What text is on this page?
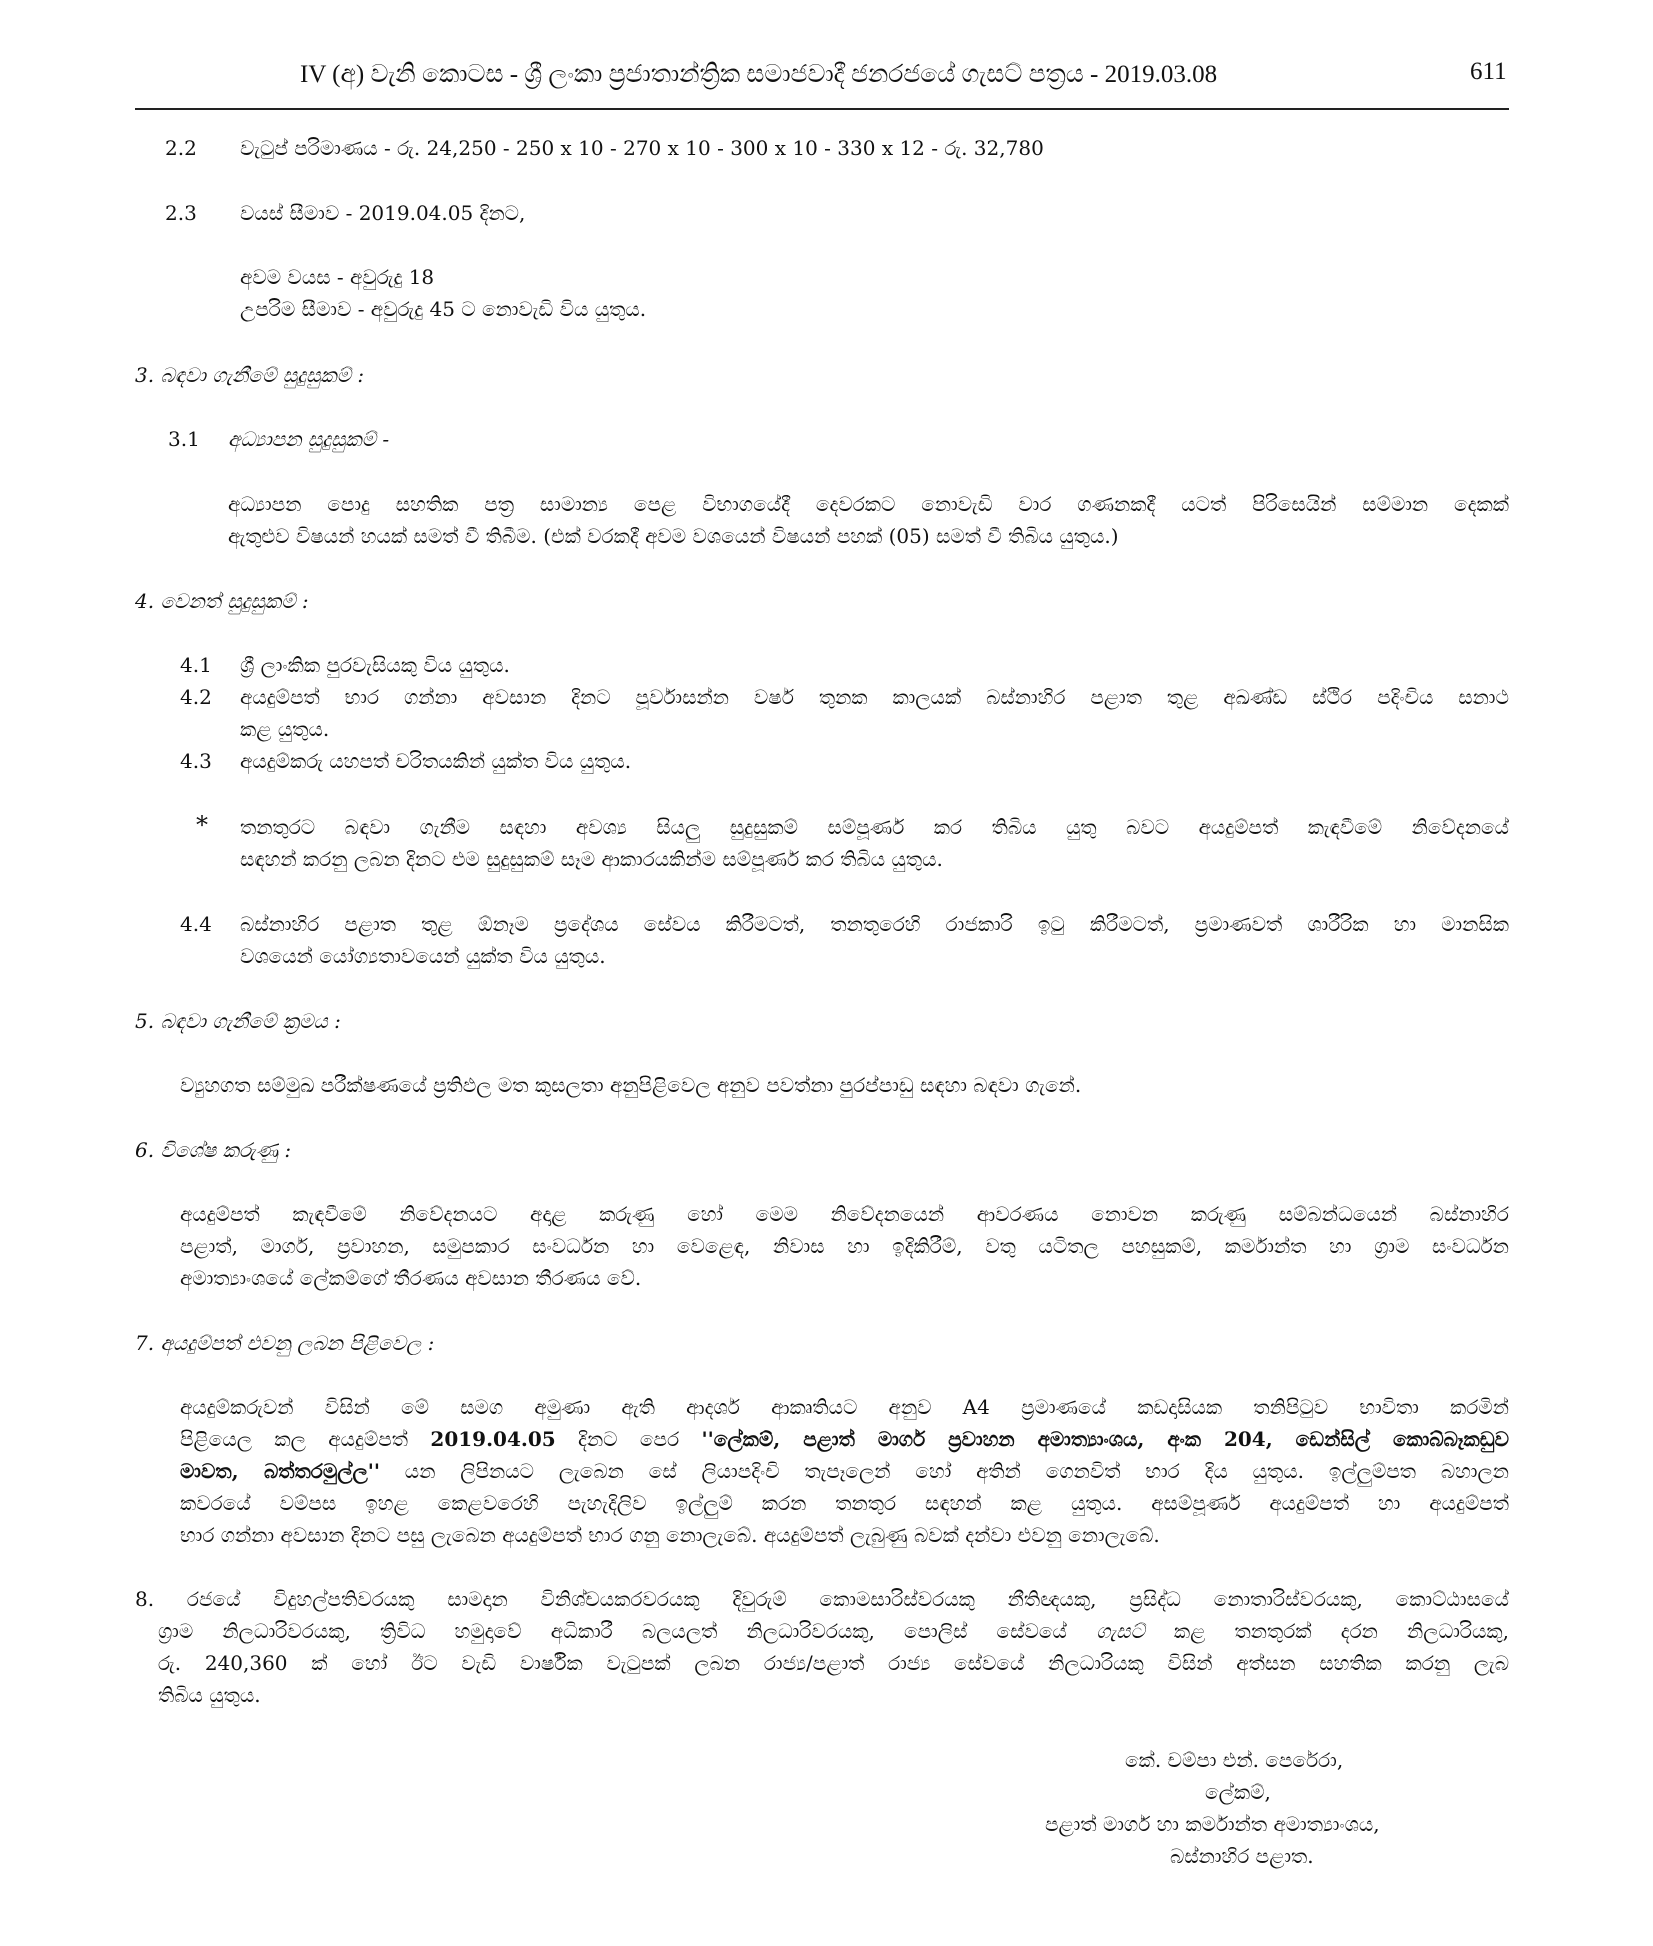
IV (අ) වැනි කොටස - ශ්‍රී ලංකා ප්‍රජාතාන්ත්‍රික සමාජවාදී ජනරජයේ ගැසට් පත්‍රය - 2019.03.08	611
2.2 වැටුප් පරිමාණය - රු. 24,250 - 250 x 10 - 270 x 10 - 300 x 10 - 330 x 12 - රු. 32,780
2.3 වයස් සීමාව - 2019.04.05 දිනට,
අවම වයස - අවුරුදු 18
උපරිම සීමාව - අවුරුදු 45 ට නොවැඩි විය යුතුය.
3. බඳවා ගැනීමේ සුදුසුකම් :
3.1 අධ්‍යාපන සුදුසුකම් -
අධ්‍යාපන පොදු සහතික පත්‍ර සාමාන්‍ය පෙළ විභාගයේදී දෙවරකට නොවැඩි වාර ගණනකදී යටත් පිරිසෙයින් සම්මාන දෙකක්
ඇතුළුව විෂයන් හයක් සමත් වී තිබීම. (එක් වරකදී අවම වශයෙන් විෂයන් පහක් (05) සමත් වී තිබිය යුතුය.)
4. වෙනත් සුදුසුකම් :
4.1 ශ්‍රී ලාංකික පුරවැසියකු විය යුතුය.
4.2 අයදුම්පත් භාර ගන්නා අවසාන දිනට පූර්වාසන්න වර්ෂ තුනක කාලයක් බස්නාහිර පළාත තුළ අඛණ්ඩ ස්ථිර පදිංචිය සනාථ
කළ යුතුය.
4.3 අයදුම්කරු යහපත් චරිතයකින් යුක්ත විය යුතුය.
* තනතුරට බඳවා ගැනීම සඳහා අවශ්‍ය සියලු සුදුසුකම් සම්පූර්ණ කර තිබිය යුතු බවට අයදුම්පත් කැඳවීමේ නිවේදනයේ
සඳහන් කරනු ලබන දිනට එම සුදුසුකම් සෑම ආකාරයකින්ම සම්පූර්ණ කර තිබිය යුතුය.
4.4 බස්නාහිර පළාත තුළ ඕනෑම ප්‍රදේශය සේවය කිරීමටත්, තනතුරෙහි රාජකාරි ඉටු කිරීමටත්, ප්‍රමාණවත් ශාරීරික හා මානසික
වශයෙන් යෝග්‍යතාවයෙන් යුක්ත විය යුතුය.
5. බඳවා ගැනීමේ ක්‍රමය :
ව්‍යුහගත සම්මුඛ පරීක්ෂණයේ ප්‍රතිඵල මත කුසලතා අනුපිළිවෙල අනුව පවත්නා පුරප්පාඩු සඳහා බඳවා ගැනේ.
6. විශේෂ කරුණු :
අයදුම්පත් කැඳවීමේ නිවේදනයට අදාළ කරුණු හෝ මෙම නිවේදනයෙන් ආවරණය නොවන කරුණු සම්බන්ධයෙන් බස්නාහිර
පළාත්, මාර්ග, ප්‍රවාහන, සමුපකාර සංවර්ධන හා වෙළෙඳ, නිවාස හා ඉදිකිරීම්, වතු යටිතල පහසුකම්, කර්මාන්ත හා ග්‍රාම සංවර්ධන
අමාත්‍යාංශයේ ලේකම්ගේ තීරණය අවසාන තීරණය වේ.
7. අයදුම්පත් එවනු ලබන පිළිවෙල :
අයදුම්කරුවන් විසින් මේ සමග අමුණා ඇති ආදර්ශ ආකෘතියට අනුව A4 ප්‍රමාණයේ කඩදාසියක තනිපිටුව භාවිතා කරමින්
පිළියෙල කල අයදුම්පත් 2019.04.05 දිනට පෙර ''ලේකම්, පළාත් මාර්ග ප්‍රවාහන අමාත්‍යාංශය, අංක 204, ඩෙන්සිල් කොබ්බෑකඩුව
මාවත, බත්තරමුල්ල'' යන ලිපිනයට ලැබෙන සේ ලියාපදිංචි තැපෑලෙන් හෝ අතින් ගෙනවිත් භාර දිය යුතුය. ඉල්ලුම්පත බහාලන
කවරයේ වම්පස ඉහළ කෙළවරෙහි පැහැදිලිව ඉල්ලුම් කරන තනතුර සඳහන් කළ යුතුය. අසම්පූර්ණ අයදුම්පත් හා අයදුම්පත්
භාර ගන්නා අවසාන දිනට පසු ලැබෙන අයදුම්පත් භාර ගනු නොලැබේ. අයදුම්පත් ලැබුණු බවක් දන්වා එවනු නොලැබේ.
8. රජයේ විදුහල්පතිවරයකු සාමදාන විනිශ්චයකරවරයකු දිවුරුම් කොමසාරිස්වරයකු නීතිඥයකු, ප්‍රසිද්ධ නොතාරිස්වරයකු, කොට්ඨාසයේ
ග්‍රාම නිලධාරිවරයකු, ත්‍රිවිධ හමුදාවේ අධිකාරී බලයලත් නිලධාරිවරයකු, පොලිස් සේවයේ ගැසට් කළ තනතුරක් දරන නිලධාරියකු,
රු. 240,360 ක් හෝ ඊට වැඩි වාර්ෂික වැටුපක් ලබන රාජ්‍ය/පළාත් රාජ්‍ය සේවයේ නිලධාරියකු විසින් අත්සන සහතික කරනු ලැබ
තිබිය යුතුය.
කේ. චම්පා එන්. පෙරේරා,
ලේකම්,
පළාත් මාර්ග හා කර්මාන්ත අමාත්‍යාංශය,
බස්නාහිර පළාත.
